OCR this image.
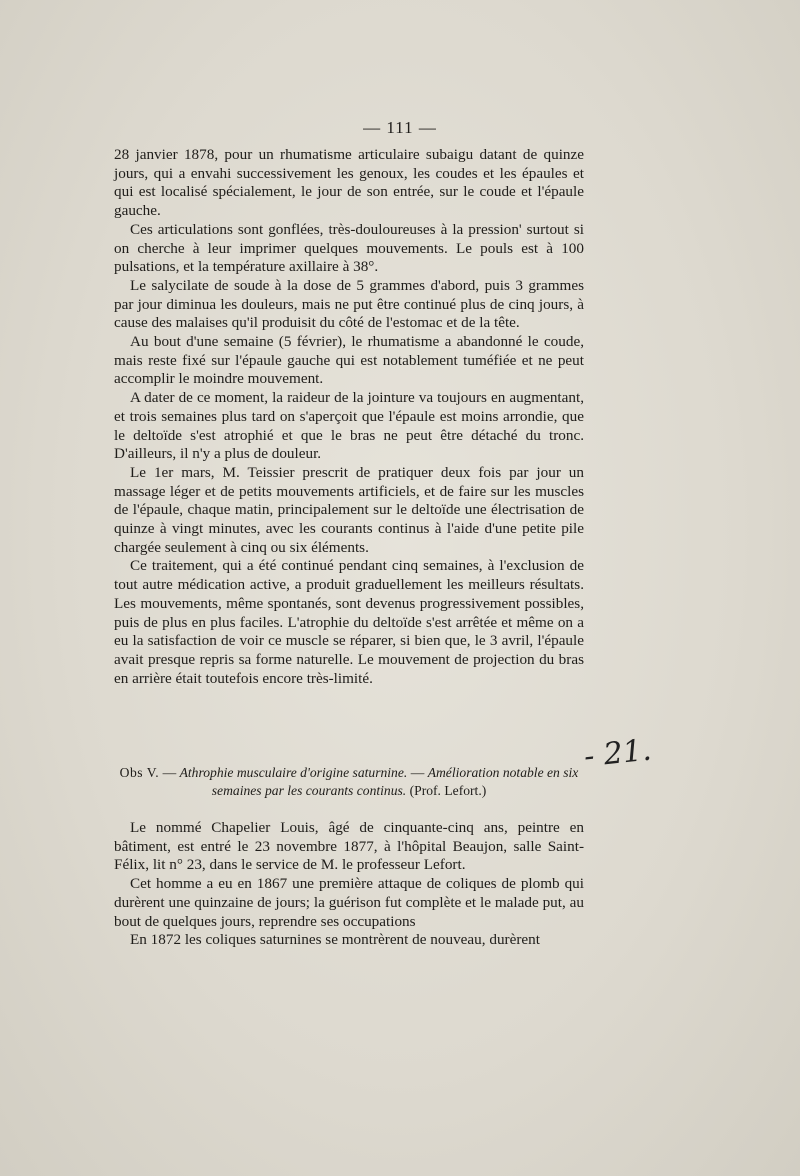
— 111 —

28 janvier 1878, pour un rhumatisme articulaire subaigu datant de quinze jours, qui a envahi successivement les genoux, les coudes et les épaules et qui est localisé spécialement, le jour de son entrée, sur le coude et l'épaule gauche.

Ces articulations sont gonflées, très-douloureuses à la pression' surtout si on cherche à leur imprimer quelques mouvements. Le pouls est à 100 pulsations, et la température axillaire à 38°.

Le salycilate de soude à la dose de 5 grammes d'abord, puis 3 grammes par jour diminua les douleurs, mais ne put être continué plus de cinq jours, à cause des malaises qu'il produisit du côté de l'estomac et de la tête.

Au bout d'une semaine (5 février), le rhumatisme a abandonné le coude, mais reste fixé sur l'épaule gauche qui est notablement tuméfiée et ne peut accomplir le moindre mouvement.

A dater de ce moment, la raideur de la jointure va toujours en augmentant, et trois semaines plus tard on s'aperçoit que l'épaule est moins arrondie, que le deltoïde s'est atrophié et que le bras ne peut être détaché du tronc. D'ailleurs, il n'y a plus de douleur.

Le 1er mars, M. Teissier prescrit de pratiquer deux fois par jour un massage léger et de petits mouvements artificiels, et de faire sur les muscles de l'épaule, chaque matin, principalement sur le deltoïde une électrisation de quinze à vingt minutes, avec les courants continus à l'aide d'une petite pile chargée seulement à cinq ou six éléments.

Ce traitement, qui a été continué pendant cinq semaines, à l'exclusion de tout autre médication active, a produit graduellement les meilleurs résultats. Les mouvements, même spontanés, sont devenus progressivement possibles, puis de plus en plus faciles. L'atrophie du deltoïde s'est arrêtée et même on a eu la satisfaction de voir ce muscle se réparer, si bien que, le 3 avril, l'épaule avait presque repris sa forme naturelle. Le mouvement de projection du bras en arrière était toutefois encore très-limité.

- 21.
Obs V. — Athrophie musculaire d'origine saturnine. — Amélioration notable en six semaines par les courants continus. (Prof. Lefort.)

Le nommé Chapelier Louis, âgé de cinquante-cinq ans, peintre en bâtiment, est entré le 23 novembre 1877, à l'hôpital Beaujon, salle Saint-Félix, lit n° 23, dans le service de M. le professeur Lefort.

Cet homme a eu en 1867 une première attaque de coliques de plomb qui durèrent une quinzaine de jours; la guérison fut complète et le malade put, au bout de quelques jours, reprendre ses occupations

En 1872 les coliques saturnines se montrèrent de nouveau, durèrent
